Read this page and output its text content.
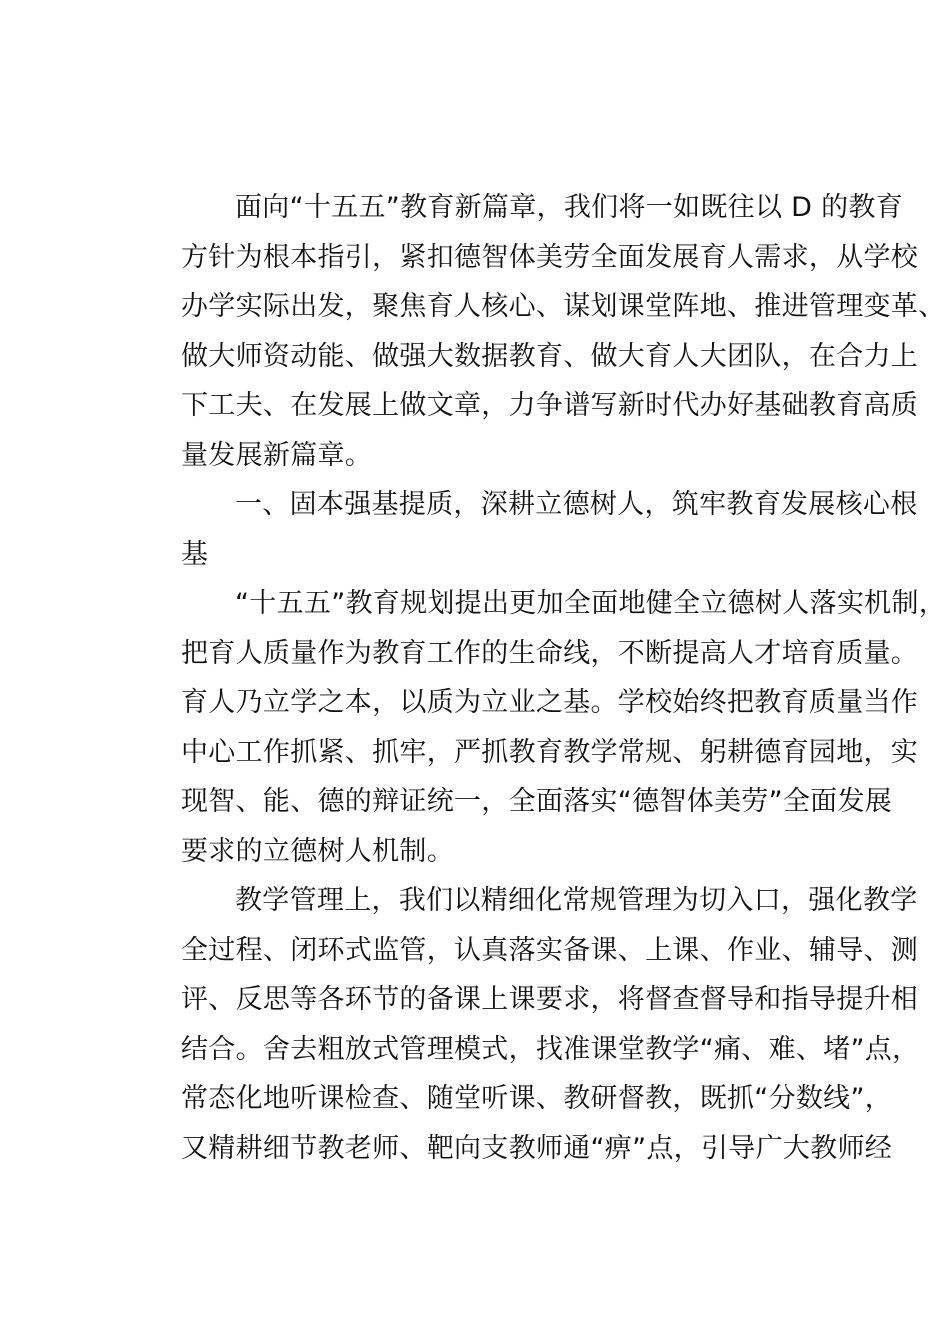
面向“十五五”教育新篇章，我们将一如既往以 D 的教育
方针为根本指引，紧扣德智体美劳全面发展育人需求，从学校
办学实际出发，聚焦育人核心、谋划课堂阵地、推进管理变革、
做大师资动能、做强大数据教育、做大育人大团队，在合力上
下工夫、在发展上做文章，力争谱写新时代办好基础教育高质
量发展新篇章。
一、固本强基提质，深耕立德树人，筑牢教育发展核心根
基
“十五五”教育规划提出更加全面地健全立德树人落实机制，
把育人质量作为教育工作的生命线，不断提高人才培育质量。
育人乃立学之本，以质为立业之基。学校始终把教育质量当作
中心工作抓紧、抓牢，严抓教育教学常规、躬耕德育园地，实
现智、能、德的辩证统一，全面落实“德智体美劳”全面发展
要求的立德树人机制。
教学管理上，我们以精细化常规管理为切入口，强化教学
全过程、闭环式监管，认真落实备课、上课、作业、辅导、测
评、反思等各环节的备课上课要求，将督查督导和指导提升相
结合。舍去粗放式管理模式，找准课堂教学“痛、难、堵”点，
常态化地听课检查、随堂听课、教研督教，既抓“分数线”，
又精耕细节教老师、靶向支教师通“痹”点，引导广大教师经
